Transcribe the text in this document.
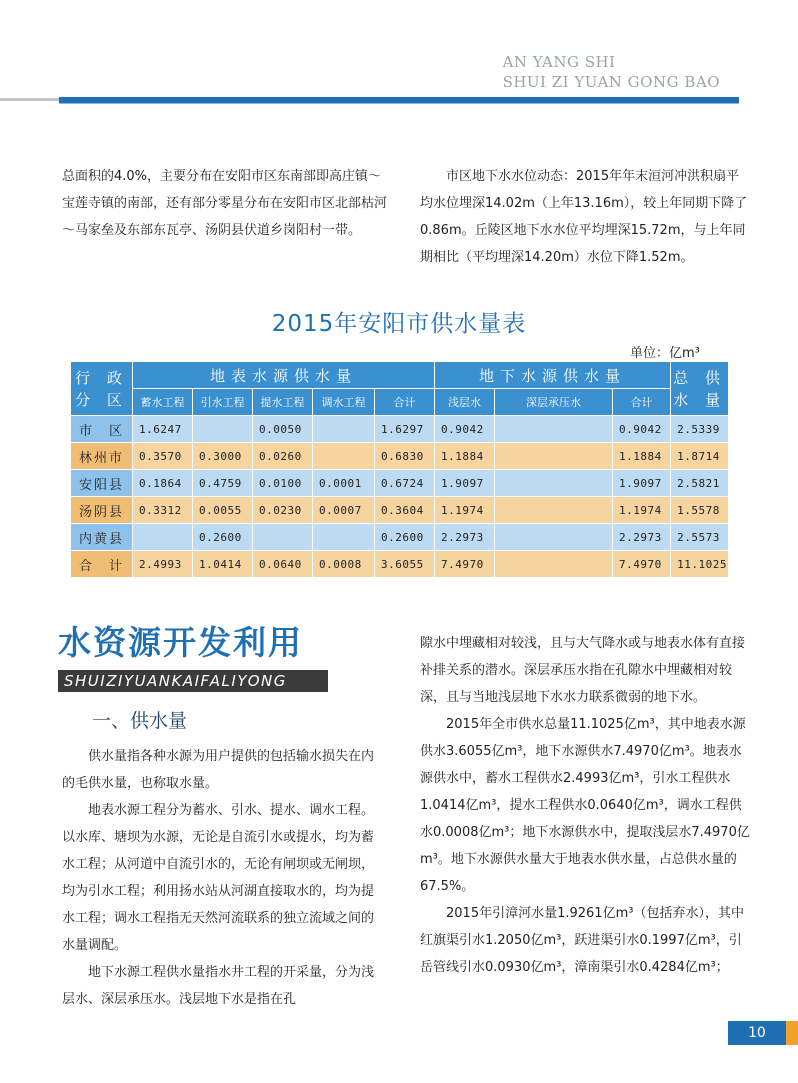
AN YANG SHI
SHUI ZI YUAN GONG BAO

总面积的4.0%，主要分布在安阳市区东南部即高庄镇～宝莲寺镇的南部，还有部分零星分布在安阳市区北部枯河～马家垒及东部东瓦亭、汤阴县伏道乡岗阳村一带。

市区地下水水位动态：2015年年末洹河冲洪积扇平均水位埋深14.02m（上年13.16m），较上年同期下降了0.86m。丘陵区地下水水位平均埋深15.72m，与上年同期相比（平均埋深14.20m）水位下降1.52m。

2015年安阳市供水量表
单位：亿m³
行 政
分 区	地表水源供水量					地下水源供水量			总 供
水 量
	蓄水工程	引水工程	提水工程	调水工程	合计	浅层水	深层承压水	合计	
市　区	1.6247		0.0050		1.6297	0.9042		0.9042	2.5339
林州市	0.3570	0.3000	0.0260		0.6830	1.1884		1.1884	1.8714
安阳县	0.1864	0.4759	0.0100	0.0001	0.6724	1.9097		1.9097	2.5821
汤阴县	0.3312	0.0055	0.0230	0.0007	0.3604	1.1974		1.1974	1.5578
内黄县		0.2600			0.2600	2.2973		2.2973	2.5573
合　计	2.4993	1.0414	0.0640	0.0008	3.6055	7.4970		7.4970	11.1025
水资源开发利用
SHUIZIYUANKAIFALIYONG
一、供水量

供水量指各种水源为用户提供的包括输水损失在内的毛供水量，也称取水量。

地表水源工程分为蓄水、引水、提水、调水工程。以水库、塘坝为水源，无论是自流引水或提水，均为蓄水工程；从河道中自流引水的，无论有闸坝或无闸坝，均为引水工程；利用扬水站从河湖直接取水的，均为提水工程；调水工程指无天然河流联系的独立流域之间的水量调配。

地下水源工程供水量指水井工程的开采量，分为浅层水、深层承压水。浅层地下水是指在孔

隙水中埋藏相对较浅，且与大气降水或与地表水体有直接补排关系的潜水。深层承压水指在孔隙水中埋藏相对较深，且与当地浅层地下水水力联系微弱的地下水。

2015年全市供水总量11.1025亿m³，其中地表水源供水3.6055亿m³，地下水源供水7.4970亿m³。地表水源供水中，蓄水工程供水2.4993亿m³，引水工程供水1.0414亿m³，提水工程供水0.0640亿m³，调水工程供水0.0008亿m³；地下水源供水中，提取浅层水7.4970亿m³。地下水源供水量大于地表水供水量，占总供水量的67.5%。

2015年引漳河水量1.9261亿m³（包括弃水），其中红旗渠引水1.2050亿m³，跃进渠引水0.1997亿m³，引岳管线引水0.0930亿m³，漳南渠引水0.4284亿m³；

10
